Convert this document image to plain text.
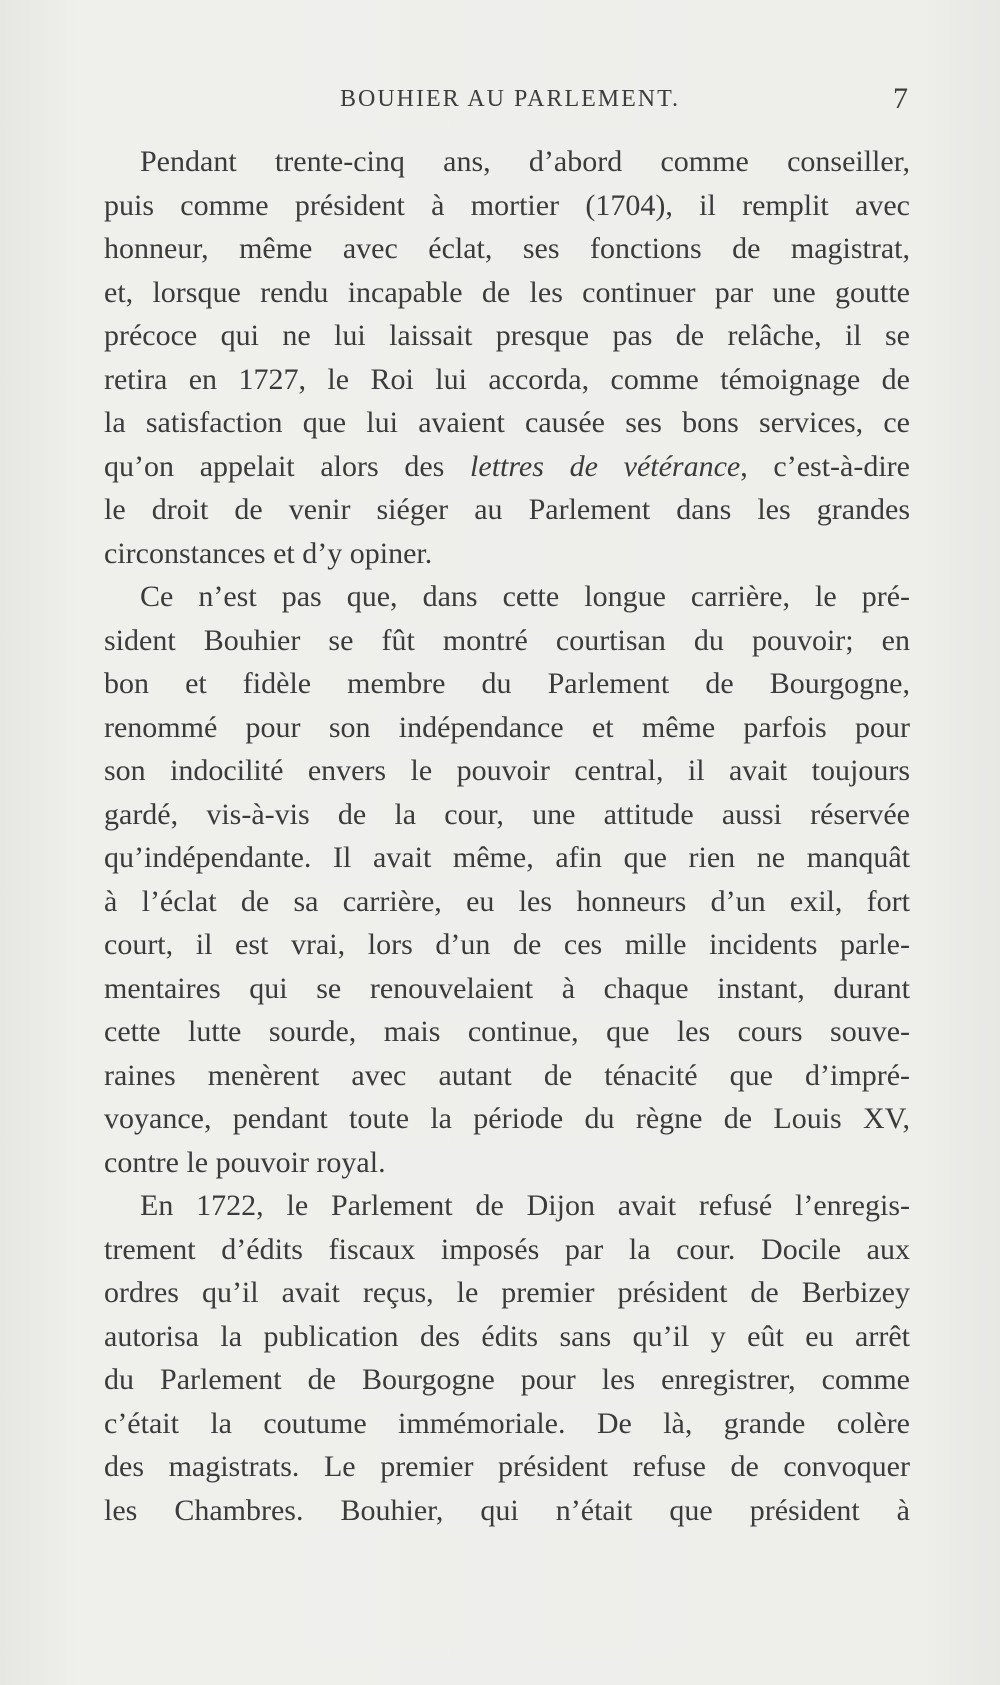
BOUHIER AU PARLEMENT.	7
Pendant trente-cinq ans, d’abord comme conseiller,
puis comme président à mortier (1704), il remplit avec
honneur, même avec éclat, ses fonctions de magistrat,
et, lorsque rendu incapable de les continuer par une goutte
précoce qui ne lui laissait presque pas de relâche, il se
retira en 1727, le Roi lui accorda, comme témoignage de
la satisfaction que lui avaient causée ses bons services, ce
qu’on appelait alors des lettres de vétérance, c’est-à-dire
le droit de venir siéger au Parlement dans les grandes
circonstances et d’y opiner.
Ce n’est pas que, dans cette longue carrière, le pré-
sident Bouhier se fût montré courtisan du pouvoir; en
bon et fidèle membre du Parlement de Bourgogne,
renommé pour son indépendance et même parfois pour
son indocilité envers le pouvoir central, il avait toujours
gardé, vis-à-vis de la cour, une attitude aussi réservée
qu’indépendante. Il avait même, afin que rien ne manquât
à l’éclat de sa carrière, eu les honneurs d’un exil, fort
court, il est vrai, lors d’un de ces mille incidents parle-
mentaires qui se renouvelaient à chaque instant, durant
cette lutte sourde, mais continue, que les cours souve-
raines menèrent avec autant de ténacité que d’impré-
voyance, pendant toute la période du règne de Louis XV,
contre le pouvoir royal.
En 1722, le Parlement de Dijon avait refusé l’enregis-
trement d’édits fiscaux imposés par la cour. Docile aux
ordres qu’il avait reçus, le premier président de Berbizey
autorisa la publication des édits sans qu’il y eût eu arrêt
du Parlement de Bourgogne pour les enregistrer, comme
c’était la coutume immémoriale. De là, grande colère
des magistrats. Le premier président refuse de convoquer
les Chambres. Bouhier, qui n’était que président à
